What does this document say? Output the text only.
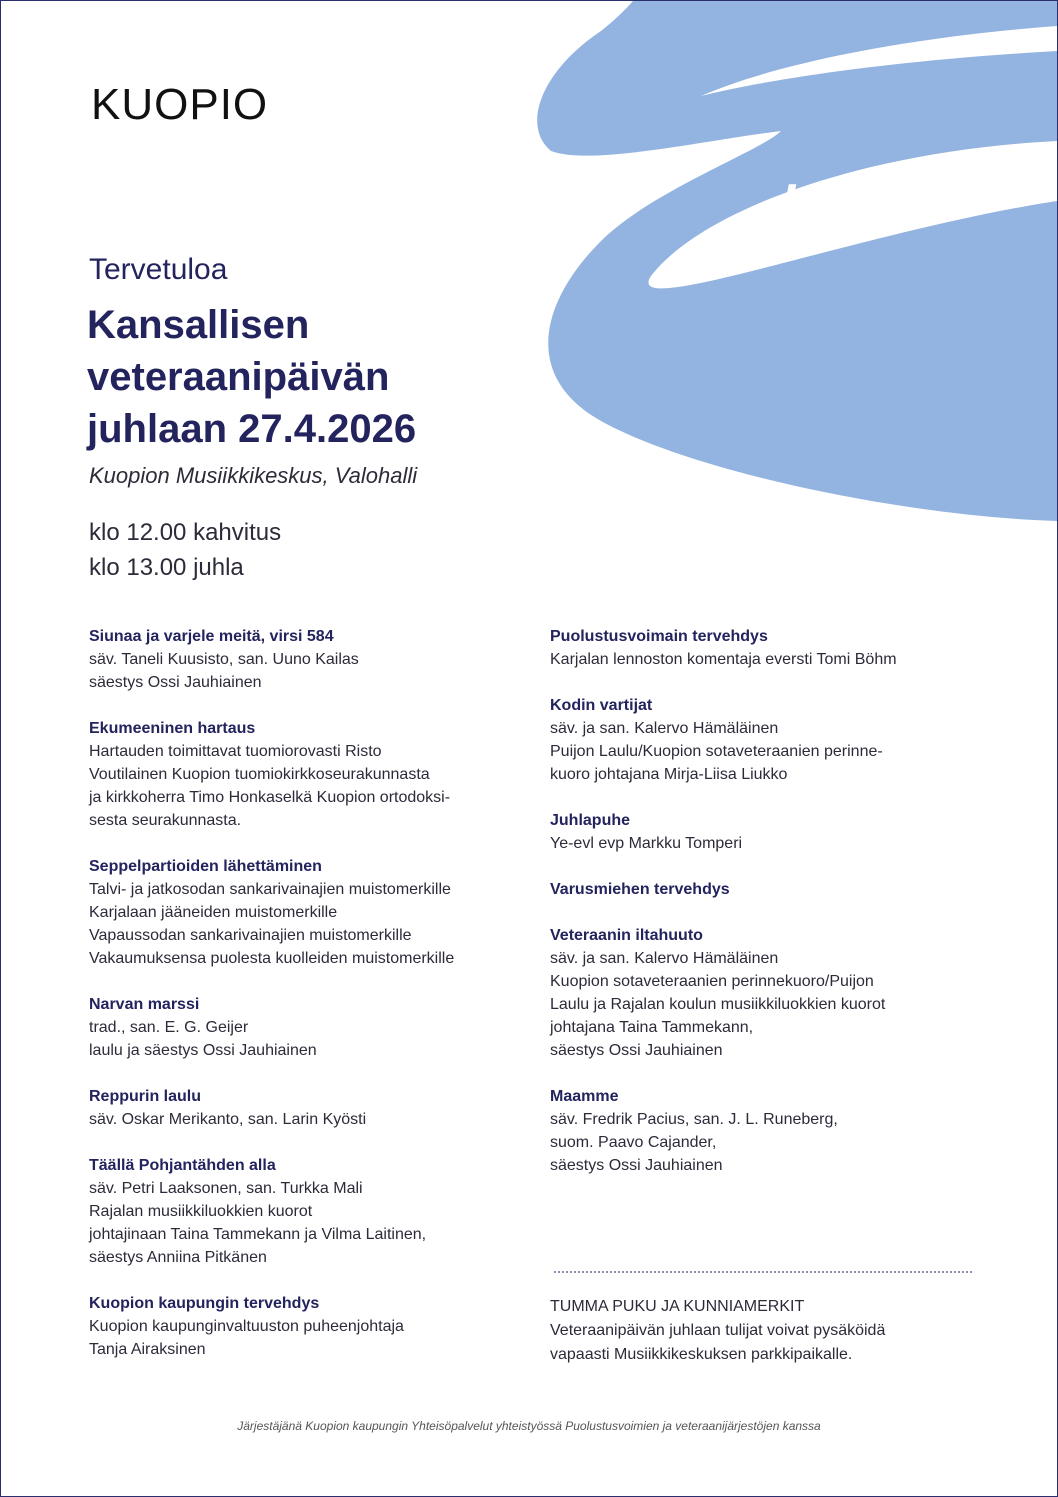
KUOPIO
Kutsu
Tervetuloa
Kansallisen
veteraanipäivän
juhlaan 27.4.2026
Kuopion Musiikkikeskus, Valohalli
klo 12.00 kahvitus
klo 13.00 juhla
Siunaa ja varjele meitä, virsi 584
säv. Taneli Kuusisto, san. Uuno Kailas
säestys Ossi Jauhiainen
Ekumeeninen hartaus
Hartauden toimittavat tuomiorovasti Risto
Voutilainen Kuopion tuomiokirkkoseurakunnasta
ja kirkkoherra Timo Honkaselkä Kuopion ortodoksi-
sesta seurakunnasta.
Seppelpartioiden lähettäminen
Talvi- ja jatkosodan sankarivainajien muistomerkille
Karjalaan jääneiden muistomerkille
Vapaussodan sankarivainajien muistomerkille
Vakaumuksensa puolesta kuolleiden muistomerkille
Narvan marssi
trad., san. E. G. Geijer
laulu ja säestys Ossi Jauhiainen
Reppurin laulu
säv. Oskar Merikanto, san. Larin Kyösti
Täällä Pohjantähden alla
säv. Petri Laaksonen, san. Turkka Mali
Rajalan musiikkiluokkien kuorot
johtajinaan Taina Tammekann ja Vilma Laitinen,
säestys Anniina Pitkänen
Kuopion kaupungin tervehdys
Kuopion kaupunginvaltuuston puheenjohtaja
Tanja Airaksinen
Puolustusvoimain tervehdys
Karjalan lennoston komentaja eversti Tomi Böhm
Kodin vartijat
säv. ja san. Kalervo Hämäläinen
Puijon Laulu/Kuopion sotaveteraanien perinne-
kuoro johtajana Mirja-Liisa Liukko
Juhlapuhe
Ye-evl evp Markku Tomperi
Varusmiehen tervehdys
Veteraanin iltahuuto
säv. ja san. Kalervo Hämäläinen
Kuopion sotaveteraanien perinnekuoro/Puijon
Laulu ja Rajalan koulun musiikkiluokkien kuorot
johtajana Taina Tammekann,
säestys Ossi Jauhiainen
Maamme
säv. Fredrik Pacius, san. J. L. Runeberg,
suom. Paavo Cajander,
säestys Ossi Jauhiainen
TUMMA PUKU JA KUNNIAMERKIT
Veteraanipäivän juhlaan tulijat voivat pysäköidä
vapaasti Musiikkikeskuksen parkkipaikalle.
Järjestäjänä Kuopion kaupungin Yhteisöpalvelut yhteistyössä Puolustusvoimien ja veteraanijärjestöjen kanssa
